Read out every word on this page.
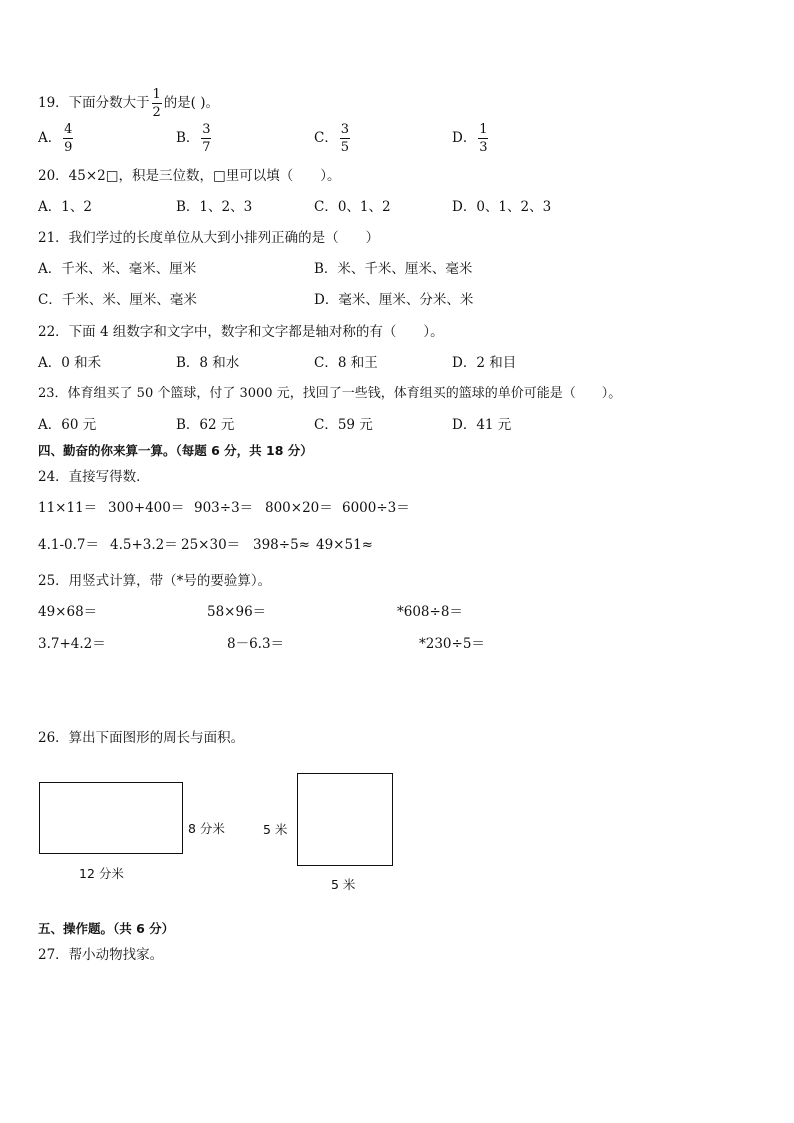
19．下面分数大于 $\frac{1}{2}$ 的是( )。
A． $\frac{4}{9}$	B． $\frac{3}{7}$	C． $\frac{3}{5}$	D． $\frac{1}{3}$
20．45×2□，积是三位数，□里可以填（　　）。
A．1、2	B．1、2、3	C．0、1、2	D．0、1、2、3
21．我们学过的长度单位从大到小排列正确的是（　　）
A．千米、米、毫米、厘米	B．米、千米、厘米、毫米
C．千米、米、厘米、毫米	D．毫米、厘米、分米、米
22．下面 4 组数字和文字中，数字和文字都是轴对称的有（　　）。
A．0 和禾	B．8 和水	C．8 和王	D．2 和目
23．体育组买了 50 个篮球，付了 3000 元，找回了一些钱，体育组买的篮球的单价可能是（　　）。
A．60 元	B．62 元	C．59 元	D．41 元
四、勤奋的你来算一算。（每题 6 分，共 18 分）
24．直接写得数．
11×11＝ 300+400＝ 903÷3＝ 800×20＝ 6000÷3＝
4.1-0.7＝ 4.5+3.2＝ 25×30＝ 398÷5≈ 49×51≈
25．用竖式计算，带（*号的要验算）。
49×68＝	58×96＝	*608÷8＝
3.7+4.2＝	8－6.3＝	*230÷5＝
26．算出下面图形的周长与面积。
8 分米
12 分米
5 米
5 米
五、操作题。（共 6 分）
27．帮小动物找家。
